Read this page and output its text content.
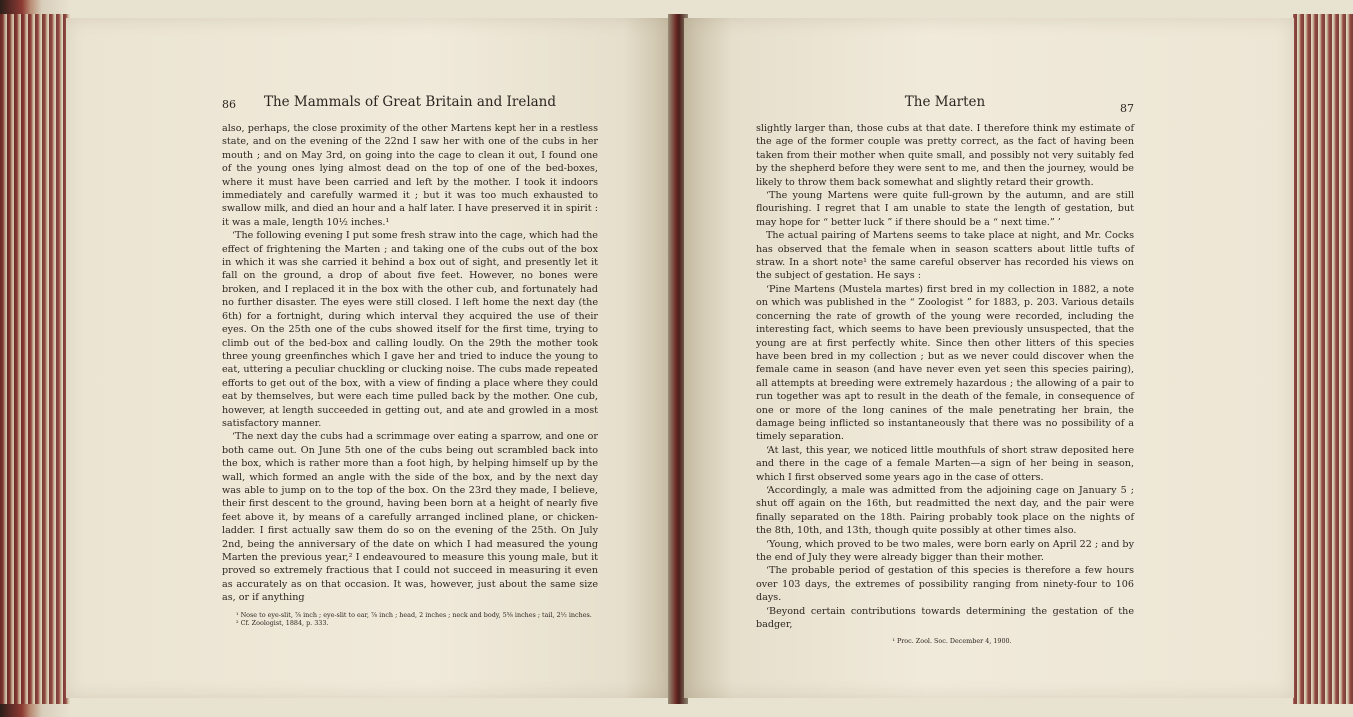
86	The Mammals of Great Britain and Ireland

also, perhaps, the close proximity of the other Martens kept her in a restless state, and on the evening of the 22nd I saw her with one of the cubs in her mouth ; and on May 3rd, on going into the cage to clean it out, I found one of the young ones lying almost dead on the top of one of the bed-boxes, where it must have been carried and left by the mother. I took it indoors immediately and carefully warmed it ; but it was too much exhausted to swallow milk, and died an hour and a half later. I have preserved it in spirit : it was a male, length 10½ inches.¹

‘The following evening I put some fresh straw into the cage, which had the effect of frightening the Marten ; and taking one of the cubs out of the box in which it was she carried it behind a box out of sight, and presently let it fall on the ground, a drop of about five feet. However, no bones were broken, and I replaced it in the box with the other cub, and fortunately had no further disaster. The eyes were still closed. I left home the next day (the 6th) for a fortnight, during which interval they acquired the use of their eyes. On the 25th one of the cubs showed itself for the first time, trying to climb out of the bed-box and calling loudly. On the 29th the mother took three young greenfinches which I gave her and tried to induce the young to eat, uttering a peculiar chuckling or clucking noise. The cubs made repeated efforts to get out of the box, with a view of finding a place where they could eat by themselves, but were each time pulled back by the mother. One cub, however, at length succeeded in getting out, and ate and growled in a most satisfactory manner.

‘The next day the cubs had a scrimmage over eating a sparrow, and one or both came out. On June 5th one of the cubs being out scrambled back into the box, which is rather more than a foot high, by helping himself up by the wall, which formed an angle with the side of the box, and by the next day was able to jump on to the top of the box. On the 23rd they made, I believe, their first descent to the ground, having been born at a height of nearly five feet above it, by means of a carefully arranged inclined plane, or chicken-ladder. I first actually saw them do so on the evening of the 25th. On July 2nd, being the anniversary of the date on which I had measured the young Marten the previous year,² I endeavoured to measure this young male, but it proved so extremely fractious that I could not succeed in measuring it even as accurately as on that occasion. It was, however, just about the same size as, or if anything

¹ Nose to eye-slit, ⅞ inch ; eye-slit to ear, ⅞ inch ; head, 2 inches ; neck and body, 5⅝ inches ; tail, 2½ inches.
² Cf. Zoologist, 1884, p. 333.
The Marten	87

slightly larger than, those cubs at that date. I therefore think my estimate of the age of the former couple was pretty correct, as the fact of having been taken from their mother when quite small, and possibly not very suitably fed by the shepherd before they were sent to me, and then the journey, would be likely to throw them back somewhat and slightly retard their growth.

‘The young Martens were quite full-grown by the autumn, and are still flourishing. I regret that I am unable to state the length of gestation, but may hope for “ better luck ” if there should be a “ next time.” ’

The actual pairing of Martens seems to take place at night, and Mr. Cocks has observed that the female when in season scatters about little tufts of straw. In a short note¹ the same careful observer has recorded his views on the subject of gestation. He says :

‘Pine Martens (Mustela martes) first bred in my collection in 1882, a note on which was published in the “ Zoologist ” for 1883, p. 203. Various details concerning the rate of growth of the young were recorded, including the interesting fact, which seems to have been previously unsuspected, that the young are at first perfectly white. Since then other litters of this species have been bred in my collection ; but as we never could discover when the female came in season (and have never even yet seen this species pairing), all attempts at breeding were extremely hazardous ; the allowing of a pair to run together was apt to result in the death of the female, in consequence of one or more of the long canines of the male penetrating her brain, the damage being inflicted so instantaneously that there was no possibility of a timely separation.

‘At last, this year, we noticed little mouthfuls of short straw deposited here and there in the cage of a female Marten—a sign of her being in season, which I first observed some years ago in the case of otters.

‘Accordingly, a male was admitted from the adjoining cage on January 5 ; shut off again on the 16th, but readmitted the next day, and the pair were finally separated on the 18th. Pairing probably took place on the nights of the 8th, 10th, and 13th, though quite possibly at other times also.

‘Young, which proved to be two males, were born early on April 22 ; and by the end of July they were already bigger than their mother.

‘The probable period of gestation of this species is therefore a few hours over 103 days, the extremes of possibility ranging from ninety-four to 106 days.

‘Beyond certain contributions towards determining the gestation of the badger,

¹ Proc. Zool. Soc. December 4, 1900.
